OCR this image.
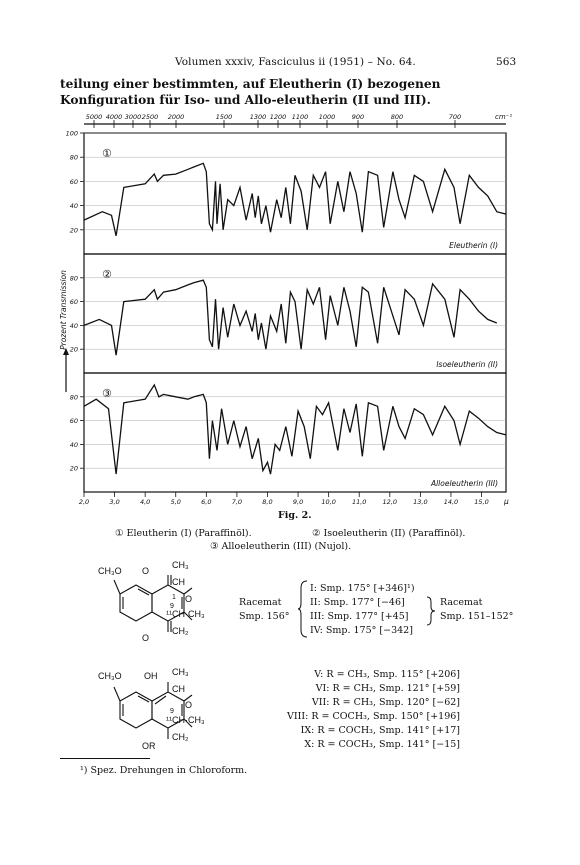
Volumen xxxiv, Fasciculus ii (1951) – No. 64.	563
teilung einer bestimmten, auf Eleutherin (I) bezogenen Konfiguration für Iso- und Allo-eleutherin (II und III).
5000 4000 3000 2500 2000	1500	1300 1200 1100 1000	900	800	700	cm⁻¹
100
80
60
40
20
①
Eleutherin (I)
80
60
40
20
②
Isoeleutherin (II)
80
60
40
20
③
Alloeleutherin (III)
2,0	3,0	4,0	5,0	6,0	7,0	8,0	9,0	10,0 11,0 12,0 13,0 14,0 15,0 μ
Prozent Transmission
Fig. 2.
① Eleutherin (I) (Paraffinöl).	② Isoeleutherin (II) (Paraffinöl).
③ Alloeleutherin (III) (Nujol).
CH₃O O
O
CH₃
CH
O
¹¹CH·CH₃
CH₂
1
9	Racemat
Smp. 156°
I: Smp. 175° [+346]¹)
II: Smp. 177° [−46]
III: Smp. 177° [+45]
IV: Smp. 175° [−342]
Racemat
Smp. 151–152°
CH₃O OH CH₃
CH
O
¹¹CH·CH₃
CH₂
OR
9
V: R = CH₃, Smp. 115° [+206]
VI: R = CH₃, Smp. 121° [+59]
VII: R = CH₃, Smp. 120° [−62]
VIII: R = COCH₃, Smp. 150° [+196]
IX: R = COCH₃, Smp. 141° [+17]
X: R = COCH₃, Smp. 141° [−15]
¹) Spez. Drehungen in Chloroform.
